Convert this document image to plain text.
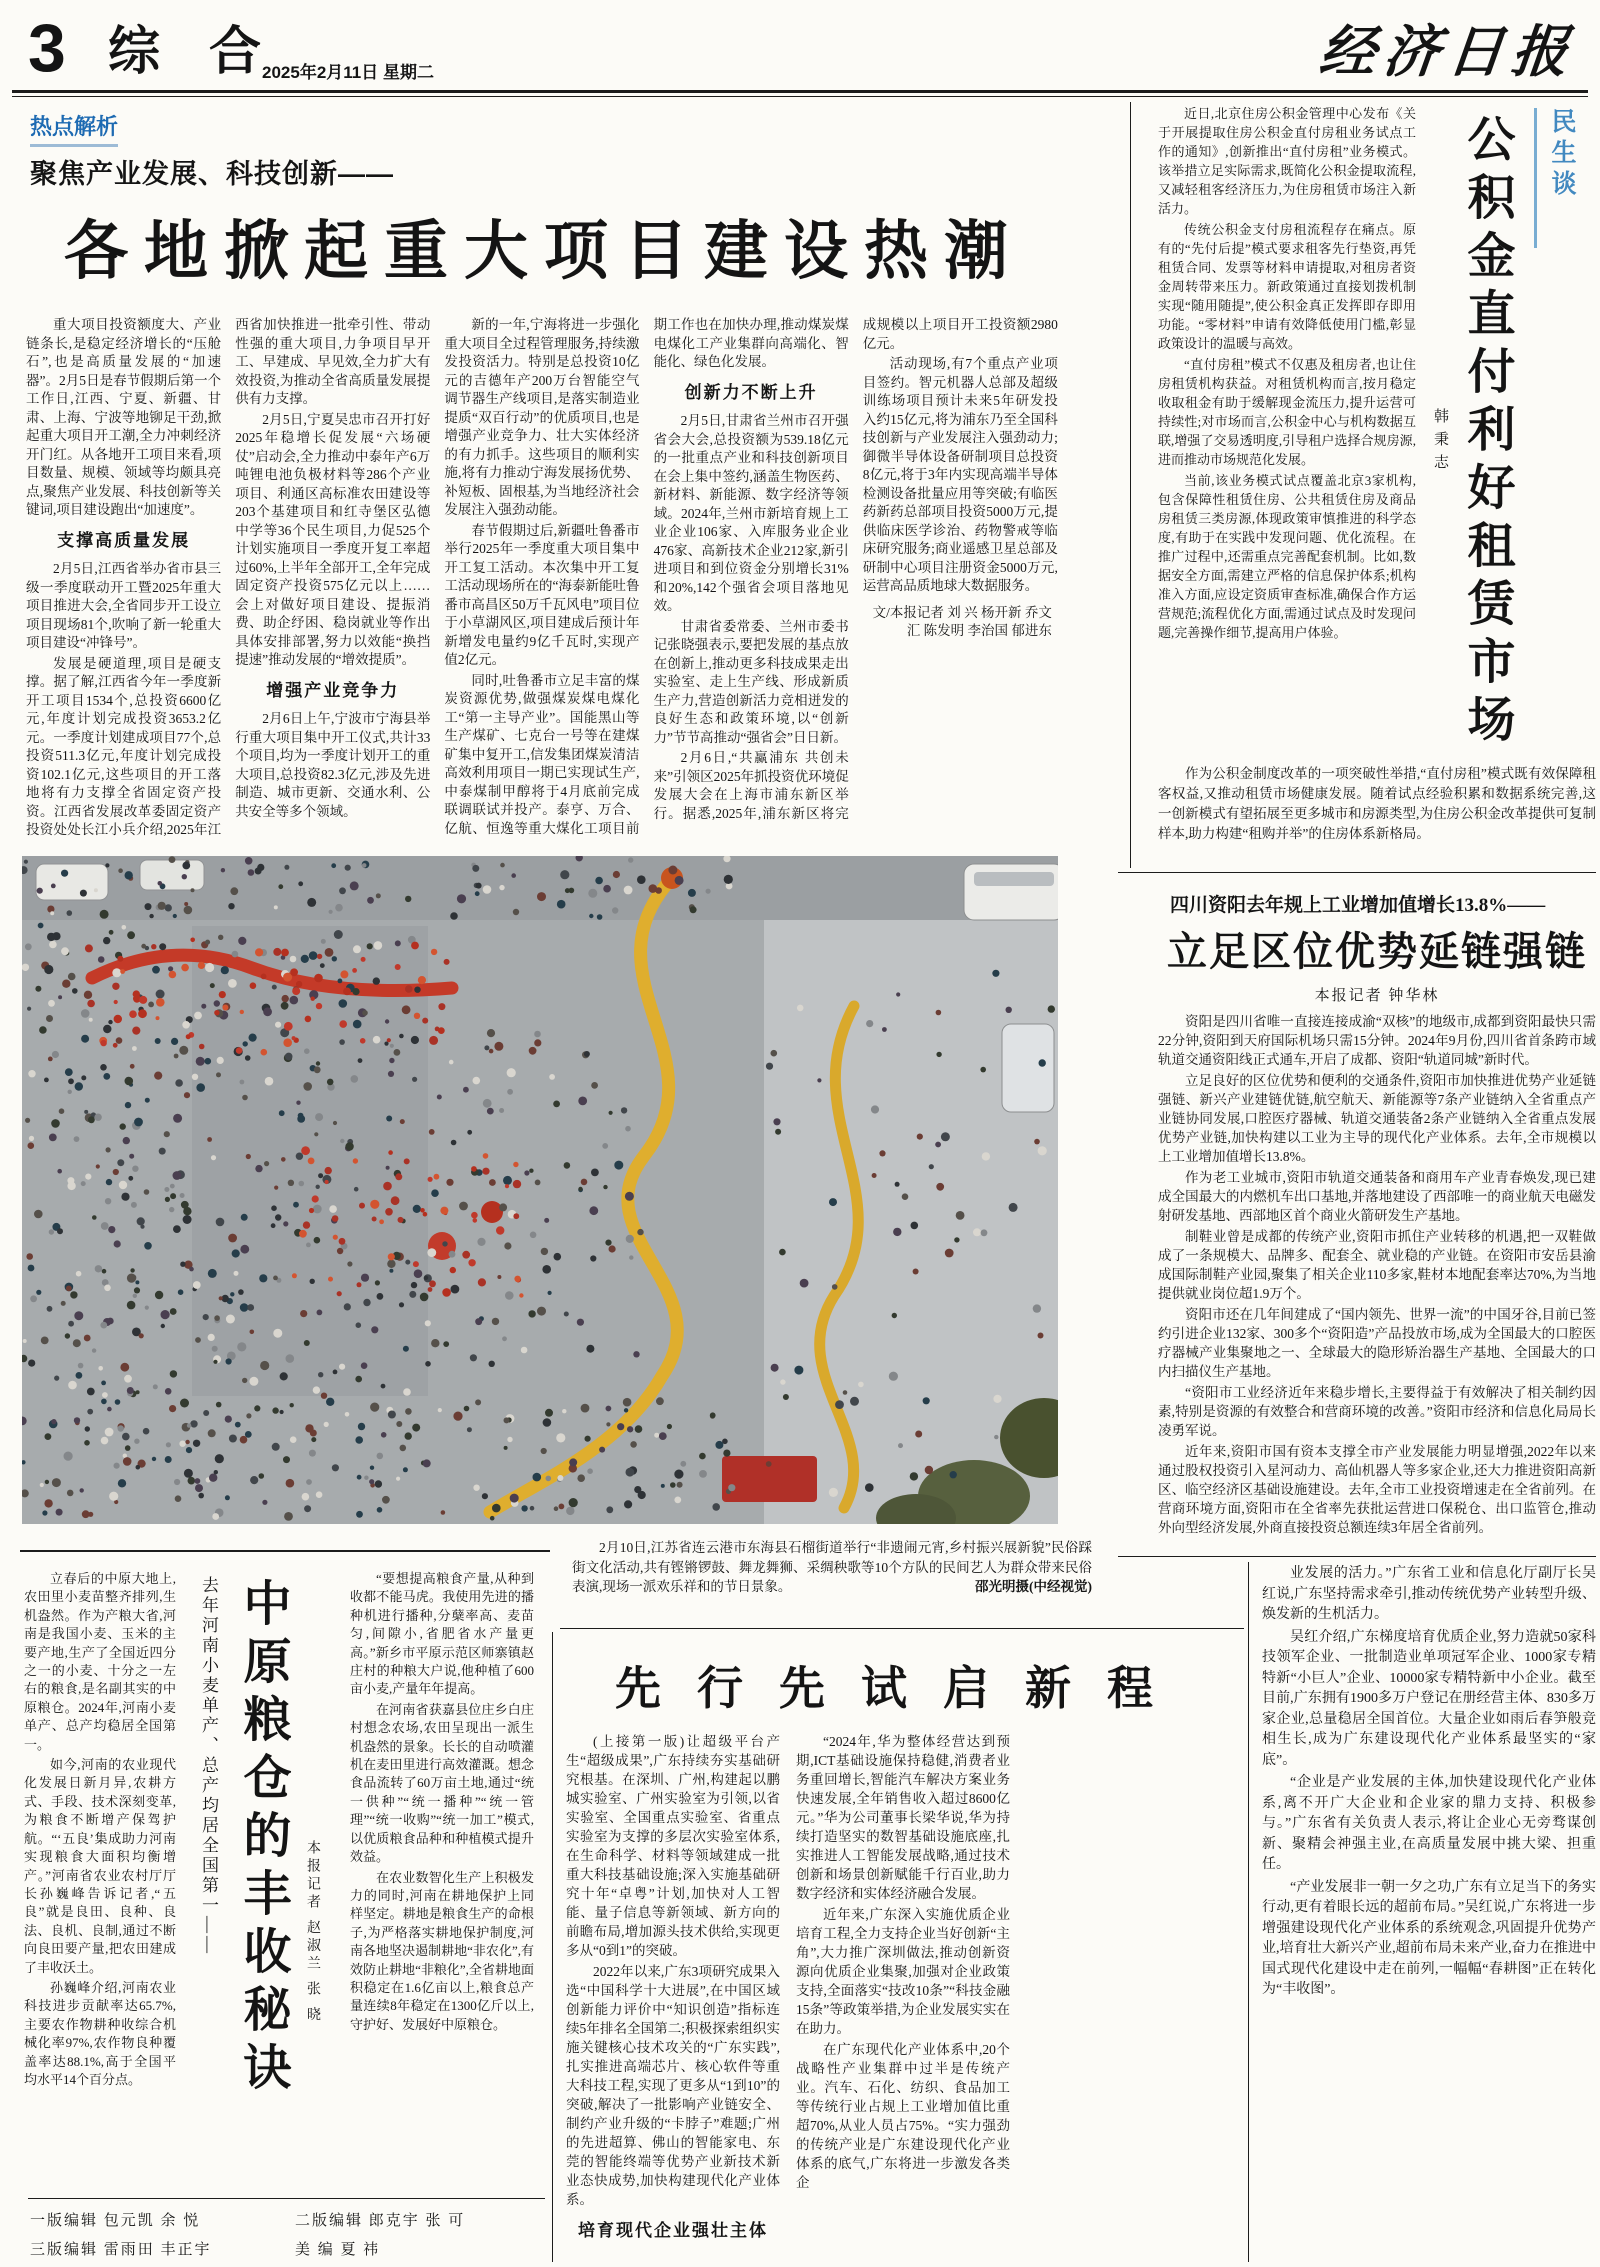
3 综 合
2025年2月11日 星期二	经济日报
热点解析
聚焦产业发展、科技创新——
各地掀起重大项目建设热潮

重大项目投资额度大、产业链条长,是稳定经济增长的“压舱石”,也是高质量发展的“加速器”。2月5日是春节假期后第一个工作日,江西、宁夏、新疆、甘肃、上海、宁波等地铆足干劲,掀起重大项目开工潮,全力冲刺经济开门红。从各地开工项目来看,项目数量、规模、领域等均颇具亮点,聚焦产业发展、科技创新等关键词,项目建设跑出“加速度”。

支撑高质量发展

2月5日,江西省举办省市县三级一季度联动开工暨2025年重大项目推进大会,全省同步开工设立项目现场81个,吹响了新一轮重大项目建设“冲锋号”。

发展是硬道理,项目是硬支撑。据了解,江西省今年一季度新开工项目1534个,总投资6600亿元,年度计划完成投资3653.2亿元。一季度计划建成项目77个,总投资511.3亿元,年度计划完成投资102.1亿元,这些项目的开工落地将有力支撑全省固定资产投资。江西省发展改革委固定资产投资处处长江小兵介绍,2025年江西省加快推进一批牵引性、带动性强的重大项目,力争项目早开工、早建成、早见效,全力扩大有效投资,为推动全省高质量发展提供有力支撑。

2月5日,宁夏吴忠市召开打好2025年稳增长促发展“六场硬仗”启动会,全力推动中泰年产6万吨锂电池负极材料等286个产业项目、利通区高标准农田建设等203个基建项目和红寺堡区弘德中学等36个民生项目,力促525个计划实施项目一季度开复工率超过60%,上半年全部开工,全年完成固定资产投资575亿元以上……会上对做好项目建设、提振消费、助企纾困、稳岗就业等作出具体安排部署,努力以效能“换挡提速”推动发展的“增效提质”。

增强产业竞争力

2月6日上午,宁波市宁海县举行重大项目集中开工仪式,共计33个项目,均为一季度计划开工的重大项目,总投资82.3亿元,涉及先进制造、城市更新、交通水利、公共安全等多个领域。

新的一年,宁海将进一步强化重大项目全过程管理服务,持续激发投资活力。特别是总投资10亿元的吉德年产200万台智能空气调节器生产线项目,是落实制造业提质“双百行动”的优质项目,也是增强产业竞争力、壮大实体经济的有力抓手。这些项目的顺利实施,将有力推动宁海发展扬优势、补短板、固根基,为当地经济社会发展注入强劲动能。

春节假期过后,新疆吐鲁番市举行2025年一季度重大项目集中开工复工活动。本次集中开工复工活动现场所在的“海泰新能吐鲁番市高昌区50万千瓦风电”项目位于小草湖风区,项目建成后预计年新增发电量约9亿千瓦时,实现产值2亿元。

同时,吐鲁番市立足丰富的煤炭资源优势,做强煤炭煤电煤化工“第一主导产业”。国能黑山等生产煤矿、七克台一号等在建煤矿集中复开工,信发集团煤炭清洁高效利用项目一期已实现试生产,中泰煤制甲醇将于4月底前完成联调联试并投产。泰亨、万合、亿航、恒逸等重大煤化工项目前期工作也在加快办理,推动煤炭煤电煤化工产业集群向高端化、智能化、绿色化发展。

创新力不断上升

2月5日,甘肃省兰州市召开强省会大会,总投资额为539.18亿元的一批重点产业和科技创新项目在会上集中签约,涵盖生物医药、新材料、新能源、数字经济等领域。2024年,兰州市新培育规上工业企业106家、入库服务业企业476家、高新技术企业212家,新引进项目和到位资金分别增长31%和20%,142个强省会项目落地见效。

甘肃省委常委、兰州市委书记张晓强表示,要把发展的基点放在创新上,推动更多科技成果走出实验室、走上生产线、形成新质生产力,营造创新活力竞相迸发的良好生态和政策环境,以“创新力”节节高推动“强省会”日日新。

2月6日,“共赢浦东 共创未来”引领区2025年抓投资优环境促发展大会在上海市浦东新区举行。据悉,2025年,浦东新区将完成规模以上项目开工投资额2980亿元。

活动现场,有7个重点产业项目签约。智元机器人总部及超级训练场项目预计未来5年研发投入约15亿元,将为浦东乃至全国科技创新与产业发展注入强劲动力;御微半导体设备研制项目总投资8亿元,将于3年内实现高端半导体检测设备批量应用等突破;有临医药新药总部项目投资5000万元,提供临床医学诊治、药物警戒等临床研究服务;商业遥感卫星总部及研制中心项目注册资金5000万元,运营高品质地球大数据服务。

文/本报记者 刘 兴 杨开新 乔文汇 陈发明 李治国 郁进东

近日,北京住房公积金管理中心发布《关于开展提取住房公积金直付房租业务试点工作的通知》,创新推出“直付房租”业务模式。该举措立足实际需求,既简化公积金提取流程,又减轻租客经济压力,为住房租赁市场注入新活力。

传统公积金支付房租流程存在痛点。原有的“先付后提”模式要求租客先行垫资,再凭租赁合同、发票等材料申请提取,对租房者资金周转带来压力。新政策通过直接划拨机制实现“随用随提”,使公积金真正发挥即存即用功能。“零材料”申请有效降低使用门槛,彰显政策设计的温暖与高效。

“直付房租”模式不仅惠及租房者,也让住房租赁机构获益。对租赁机构而言,按月稳定收取租金有助于缓解现金流压力,提升运营可持续性;对市场而言,公积金中心与机构数据互联,增强了交易透明度,引导租户选择合规房源,进而推动市场规范化发展。

当前,该业务模式试点覆盖北京3家机构,包含保障性租赁住房、公共租赁住房及商品房租赁三类房源,体现政策审慎推进的科学态度,有助于在实践中发现问题、优化流程。在推广过程中,还需重点完善配套机制。比如,数据安全方面,需建立严格的信息保护体系;机构准入方面,应设定资质审查标准,确保合作方运营规范;流程优化方面,需通过试点及时发现问题,完善操作细节,提高用户体验。

作为公积金制度改革的一项突破性举措,“直付房租”模式既有效保障租客权益,又推动租赁市场健康发展。随着试点经验积累和数据系统完善,这一创新模式有望拓展至更多城市和房源类型,为住房公积金改革提供可复制样本,助力构建“租购并举”的住房体系新格局。

韩秉志 公积金直付利好租赁市场	民生谈
四川资阳去年规上工业增加值增长13.8%——
立足区位优势延链强链
本报记者 钟华林

资阳是四川省唯一直接连接成渝“双核”的地级市,成都到资阳最快只需22分钟,资阳到天府国际机场只需15分钟。2024年9月份,四川省首条跨市域轨道交通资阳线正式通车,开启了成都、资阳“轨道同城”新时代。

立足良好的区位优势和便利的交通条件,资阳市加快推进优势产业延链强链、新兴产业建链优链,航空航天、新能源等7条产业链纳入全省重点产业链协同发展,口腔医疗器械、轨道交通装备2条产业链纳入全省重点发展优势产业链,加快构建以工业为主导的现代化产业体系。去年,全市规模以上工业增加值增长13.8%。

作为老工业城市,资阳市轨道交通装备和商用车产业青春焕发,现已建成全国最大的内燃机车出口基地,并落地建设了西部唯一的商业航天电磁发射研发基地、西部地区首个商业火箭研发生产基地。

制鞋业曾是成都的传统产业,资阳市抓住产业转移的机遇,把一双鞋做成了一条规模大、品牌多、配套全、就业稳的产业链。在资阳市安岳县渝成国际制鞋产业园,聚集了相关企业110多家,鞋材本地配套率达70%,为当地提供就业岗位超1.9万个。

资阳市还在几年间建成了“国内领先、世界一流”的中国牙谷,目前已签约引进企业132家、300多个“资阳造”产品投放市场,成为全国最大的口腔医疗器械产业集聚地之一、全球最大的隐形矫治器生产基地、全国最大的口内扫描仪生产基地。

“资阳市工业经济近年来稳步增长,主要得益于有效解决了相关制约因素,特别是资源的有效整合和营商环境的改善。”资阳市经济和信息化局局长凌勇军说。

近年来,资阳市国有资本支撑全市产业发展能力明显增强,2022年以来通过股权投资引入星河动力、高仙机器人等多家企业,还大力推进资阳高新区、临空经济区基础设施建设。去年,全市工业投资增速走在全省前列。在营商环境方面,资阳市在全省率先获批运营进口保税仓、出口监管仓,推动外向型经济发展,外商直接投资总额连续3年居全省前列。

2月10日,江苏省连云港市东海县石榴街道举行“非遗闹元宵,乡村振兴展新貌”民俗踩街文化活动,共有铿锵锣鼓、舞龙舞狮、采绸秧歌等10个方队的民间艺人为群众带来民俗表演,现场一派欢乐祥和的节日景象。	邵光明摄(中经视觉)

立春后的中原大地上,农田里小麦苗整齐排列,生机盎然。作为产粮大省,河南是我国小麦、玉米的主要产地,生产了全国近四分之一的小麦、十分之一左右的粮食,是名副其实的中原粮仓。2024年,河南小麦单产、总产均稳居全国第一。

如今,河南的农业现代化发展日新月异,农耕方式、手段、技术深刻变革,为粮食不断增产保驾护航。“‘五良’集成助力河南实现粮食大面积均衡增产。”河南省农业农村厅厅长孙巍峰告诉记者,“五良”就是良田、良种、良法、良机、良制,通过不断向良田要产量,把农田建成了丰收沃土。

孙巍峰介绍,河南农业科技进步贡献率达65.7%,主要农作物耕种收综合机械化率97%,农作物良种覆盖率达88.1%,高于全国平均水平14个百分点。

去年河南小麦单产、总产均居全国第一—— 中原粮仓的丰收秘诀	本报记者 赵淑兰 张 晓

“要想提高粮食产量,从种到收都不能马虎。我使用先进的播种机进行播种,分蘖率高、麦苗匀,间隙小,省肥省水产量更高。”新乡市平原示范区师寨镇赵庄村的种粮大户说,他种植了600亩小麦,产量年年提高。

在河南省获嘉县位庄乡白庄村想念农场,农田呈现出一派生机盎然的景象。长长的自动喷灌机在麦田里进行高效灌溉。想念食品流转了60万亩土地,通过“统一供种”“统一播种”“统一管理”“统一收购”“统一加工”模式,以优质粮食品种和种植模式提升效益。

在农业数智化生产上积极发力的同时,河南在耕地保护上同样坚定。耕地是粮食生产的命根子,为严格落实耕地保护制度,河南各地坚决遏制耕地“非农化”,有效防止耕地“非粮化”,全省耕地面积稳定在1.6亿亩以上,粮食总产量连续8年稳定在1300亿斤以上,守护好、发展好中原粮仓。

一版编辑 包元凯 余 悦	二版编辑 郎克宇 张 可

三版编辑 雷雨田 丰正宇	美 编 夏 祎

先行先试启新程

(上接第一版)让超级平台产生“超级成果”,广东持续夯实基础研究根基。在深圳、广州,构建起以鹏城实验室、广州实验室为引领,以省实验室、全国重点实验室、省重点实验室为支撑的多层次实验室体系,在生命科学、材料等领域建成一批重大科技基础设施;深入实施基础研究十年“卓粤”计划,加快对人工智能、量子信息等新领域、新方向的前瞻布局,增加源头技术供给,实现更多从“0到1”的突破。

2022年以来,广东3项研究成果入选“中国科学十大进展”,在中国区域创新能力评价中“知识创造”指标连续5年排名全国第二;积极探索组织实施关键核心技术攻关的“广东实践”,扎实推进高端芯片、核心软件等重大科技工程,实现了更多从“1到10”的突破,解决了一批影响产业链安全、制约产业升级的“卡脖子”难题;广州的先进超算、佛山的智能家电、东莞的智能终端等优势产业新技术新业态快成势,加快构建现代化产业体系。

培育现代企业强壮主体

“2024年,华为整体经营达到预期,ICT基础设施保持稳健,消费者业务重回增长,智能汽车解决方案业务快速发展,全年销售收入超过8600亿元。”华为公司董事长梁华说,华为持续打造坚实的数智基础设施底座,扎实推进人工智能发展战略,通过技术创新和场景创新赋能千行百业,助力数字经济和实体经济融合发展。

近年来,广东深入实施优质企业培育工程,全力支持企业当好创新“主角”,大力推广深圳做法,推动创新资源向优质企业集聚,加强对企业政策支持,全面落实“技改10条”“科技金融15条”等政策举措,为企业发展实实在在助力。

在广东现代化产业体系中,20个战略性产业集群中过半是传统产业。汽车、石化、纺织、食品加工等传统行业占规上工业增加值比重超70%,从业人员占75%。“实力强劲的传统产业是广东建设现代化产业体系的底气,广东将进一步激发各类企

业发展的活力。”广东省工业和信息化厅副厅长吴红说,广东坚持需求牵引,推动传统优势产业转型升级、焕发新的生机活力。

吴红介绍,广东梯度培育优质企业,努力造就50家科技领军企业、一批制造业单项冠军企业、1000家专精特新“小巨人”企业、10000家专精特新中小企业。截至目前,广东拥有1900多万户登记在册经营主体、830多万家企业,总量稳居全国首位。大量企业如雨后春笋般竞相生长,成为广东建设现代化产业体系最坚实的“家底”。

“企业是产业发展的主体,加快建设现代化产业体系,离不开广大企业和企业家的鼎力支持、积极参与。”广东省有关负责人表示,将让企业心无旁骛谋创新、聚精会神强主业,在高质量发展中挑大梁、担重任。

“产业发展非一朝一夕之功,广东有立足当下的务实行动,更有着眼长远的超前布局。”吴红说,广东将进一步增强建设现代化产业体系的系统观念,巩固提升优势产业,培育壮大新兴产业,超前布局未来产业,奋力在推进中国式现代化建设中走在前列,一幅幅“春耕图”正在转化为“丰收图”。
